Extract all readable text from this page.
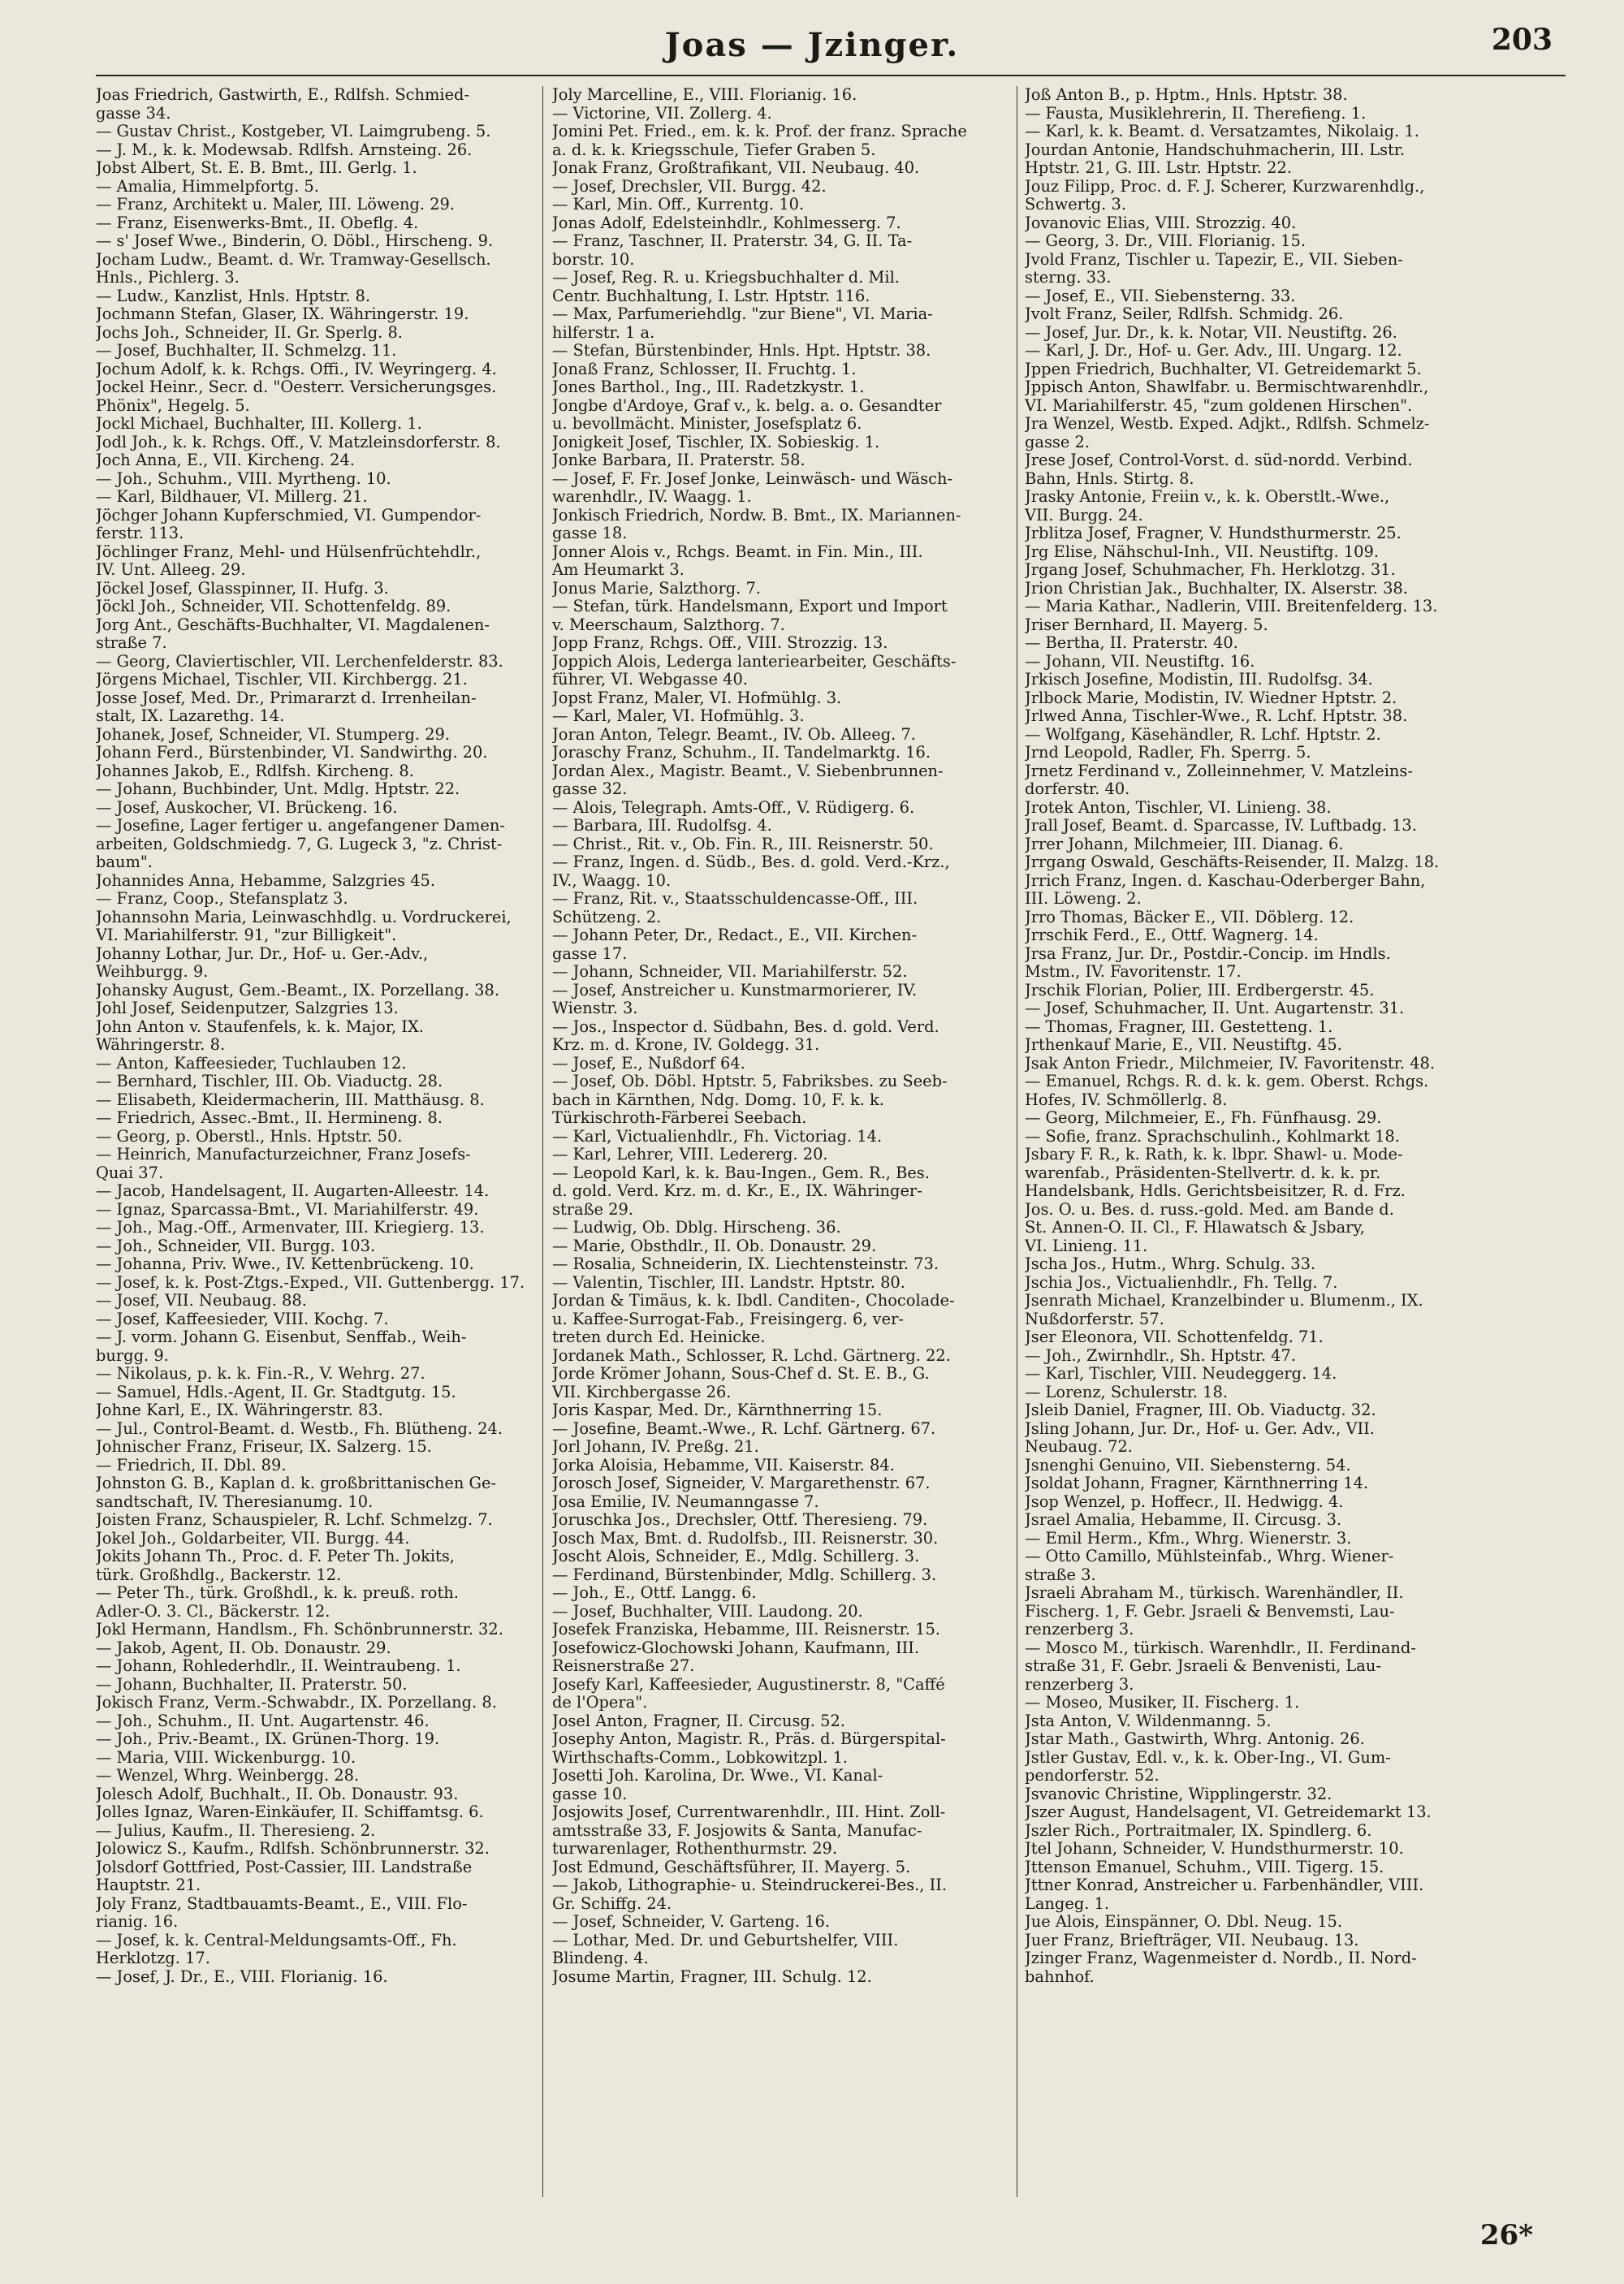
Joas — Jzinger.	203
Joas Friedrich, Gastwirth, E., Rdlfsh. Schmied-
gasse 34.
— Gustav Christ., Kostgeber, VI. Laimgrubeng. 5.
— J. M., k. k. Modewsab. Rdlfsh. Arnsteing. 26.
Jobst Albert, St. E. B. Bmt., III. Gerlg. 1.
— Amalia, Himmelpfortg. 5.
— Franz, Architekt u. Maler, III. Löweng. 29.
— Franz, Eisenwerks-Bmt., II. Obeflg. 4.
— s' Josef Wwe., Binderin, O. Döbl., Hirscheng. 9.
Jocham Ludw., Beamt. d. Wr. Tramway-Gesellsch.
Hnls., Pichlerg. 3.
— Ludw., Kanzlist, Hnls. Hptstr. 8.
Jochmann Stefan, Glaser, IX. Währingerstr. 19.
Jochs Joh., Schneider, II. Gr. Sperlg. 8.
— Josef, Buchhalter, II. Schmelzg. 11.
Jochum Adolf, k. k. Rchgs. Offi., IV. Weyringerg. 4.
Jockel Heinr., Secr. d. "Oesterr. Versicherungsges.
Phönix", Hegelg. 5.
Jockl Michael, Buchhalter, III. Kollerg. 1.
Jodl Joh., k. k. Rchgs. Off., V. Matzleinsdorferstr. 8.
Joch Anna, E., VII. Kircheng. 24.
— Joh., Schuhm., VIII. Myrtheng. 10.
— Karl, Bildhauer, VI. Millerg. 21.
Jöchger Johann Kupferschmied, VI. Gumpendor-
ferstr. 113.
Jöchlinger Franz, Mehl- und Hülsenfrüchtehdlr.,
IV. Unt. Alleeg. 29.
Jöckel Josef, Glasspinner, II. Hufg. 3.
Jöckl Joh., Schneider, VII. Schottenfeldg. 89.
Jorg Ant., Geschäfts-Buchhalter, VI. Magdalenen-
straße 7.
— Georg, Claviertischler, VII. Lerchenfelderstr. 83.
Jörgens Michael, Tischler, VII. Kirchbergg. 21.
Josse Josef, Med. Dr., Primararzt d. Irrenheilan-
stalt, IX. Lazarethg. 14.
Johanek, Josef, Schneider, VI. Stumperg. 29.
Johann Ferd., Bürstenbinder, VI. Sandwirthg. 20.
Johannes Jakob, E., Rdlfsh. Kircheng. 8.
— Johann, Buchbinder, Unt. Mdlg. Hptstr. 22.
— Josef, Auskocher, VI. Brückeng. 16.
— Josefine, Lager fertiger u. angefangener Damen-
arbeiten, Goldschmiedg. 7, G. Lugeck 3, "z. Christ-
baum".
Johannides Anna, Hebamme, Salzgries 45.
— Franz, Coop., Stefansplatz 3.
Johannsohn Maria, Leinwaschhdlg. u. Vordruckerei,
VI. Mariahilferstr. 91, "zur Billigkeit".
Johanny Lothar, Jur. Dr., Hof- u. Ger.-Adv.,
Weihburgg. 9.
Johansky August, Gem.-Beamt., IX. Porzellang. 38.
Johl Josef, Seidenputzer, Salzgries 13.
John Anton v. Staufenfels, k. k. Major, IX.
Währingerstr. 8.
— Anton, Kaffeesieder, Tuchlauben 12.
— Bernhard, Tischler, III. Ob. Viaductg. 28.
— Elisabeth, Kleidermacherin, III. Matthäusg. 8.
— Friedrich, Assec.-Bmt., II. Hermineng. 8.
— Georg, p. Oberstl., Hnls. Hptstr. 50.
— Heinrich, Manufacturzeichner, Franz Josefs-
Quai 37.
— Jacob, Handelsagent, II. Augarten-Alleestr. 14.
— Ignaz, Sparcassa-Bmt., VI. Mariahilferstr. 49.
— Joh., Mag.-Off., Armenvater, III. Kriegierg. 13.
— Joh., Schneider, VII. Burgg. 103.
— Johanna, Priv. Wwe., IV. Kettenbrückeng. 10.
— Josef, k. k. Post-Ztgs.-Exped., VII. Guttenbergg. 17.
— Josef, VII. Neubaug. 88.
— Josef, Kaffeesieder, VIII. Kochg. 7.
— J. vorm. Johann G. Eisenbut, Senffab., Weih-
burgg. 9.
— Nikolaus, p. k. k. Fin.-R., V. Wehrg. 27.
— Samuel, Hdls.-Agent, II. Gr. Stadtgutg. 15.
Johne Karl, E., IX. Währingerstr. 83.
— Jul., Control-Beamt. d. Westb., Fh. Blütheng. 24.
Johnischer Franz, Friseur, IX. Salzerg. 15.
— Friedrich, II. Dbl. 89.
Johnston G. B., Kaplan d. k. großbrittanischen Ge-
sandtschaft, IV. Theresianumg. 10.
Joisten Franz, Schauspieler, R. Lchf. Schmelzg. 7.
Jokel Joh., Goldarbeiter, VII. Burgg. 44.
Jokits Johann Th., Proc. d. F. Peter Th. Jokits,
türk. Großhdlg., Backerstr. 12.
— Peter Th., türk. Großhdl., k. k. preuß. roth.
Adler-O. 3. Cl., Bäckerstr. 12.
Jokl Hermann, Handlsm., Fh. Schönbrunnerstr. 32.
— Jakob, Agent, II. Ob. Donaustr. 29.
— Johann, Rohlederhdlr., II. Weintraubeng. 1.
— Johann, Buchhalter, II. Praterstr. 50.
Jokisch Franz, Verm.-Schwabdr., IX. Porzellang. 8.
— Joh., Schuhm., II. Unt. Augartenstr. 46.
— Joh., Priv.-Beamt., IX. Grünen-Thorg. 19.
— Maria, VIII. Wickenburgg. 10.
— Wenzel, Whrg. Weinbergg. 28.
Jolesch Adolf, Buchhalt., II. Ob. Donaustr. 93.
Jolles Ignaz, Waren-Einkäufer, II. Schiffamtsg. 6.
— Julius, Kaufm., II. Theresieng. 2.
Jolowicz S., Kaufm., Rdlfsh. Schönbrunnerstr. 32.
Jolsdorf Gottfried, Post-Cassier, III. Landstraße
Hauptstr. 21.
Joly Franz, Stadtbauamts-Beamt., E., VIII. Flo-
rianig. 16.
— Josef, k. k. Central-Meldungsamts-Off., Fh.
Herklotzg. 17.
— Josef, J. Dr., E., VIII. Florianig. 16.
Joly Marcelline, E., VIII. Florianig. 16.
— Victorine, VII. Zollerg. 4.
Jomini Pet. Fried., em. k. k. Prof. der franz. Sprache
a. d. k. k. Kriegsschule, Tiefer Graben 5.
Jonak Franz, Großtrafikant, VII. Neubaug. 40.
— Josef, Drechsler, VII. Burgg. 42.
— Karl, Min. Off., Kurrentg. 10.
Jonas Adolf, Edelsteinhdlr., Kohlmesserg. 7.
— Franz, Taschner, II. Praterstr. 34, G. II. Ta-
borstr. 10.
— Josef, Reg. R. u. Kriegsbuchhalter d. Mil.
Centr. Buchhaltung, I. Lstr. Hptstr. 116.
— Max, Parfumeriehdlg. "zur Biene", VI. Maria-
hilferstr. 1 a.
— Stefan, Bürstenbinder, Hnls. Hpt. Hptstr. 38.
Jonaß Franz, Schlosser, II. Fruchtg. 1.
Jones Barthol., Ing., III. Radetzkystr. 1.
Jongbe d'Ardoye, Graf v., k. belg. a. o. Gesandter
u. bevollmächt. Minister, Josefsplatz 6.
Jonigkeit Josef, Tischler, IX. Sobieskig. 1.
Jonke Barbara, II. Praterstr. 58.
— Josef, F. Fr. Josef Jonke, Leinwäsch- und Wäsch-
warenhdlr., IV. Waagg. 1.
Jonkisch Friedrich, Nordw. B. Bmt., IX. Mariannen-
gasse 18.
Jonner Alois v., Rchgs. Beamt. in Fin. Min., III.
Am Heumarkt 3.
Jonus Marie, Salzthorg. 7.
— Stefan, türk. Handelsmann, Export und Import
v. Meerschaum, Salzthorg. 7.
Jopp Franz, Rchgs. Off., VIII. Strozzig. 13.
Joppich Alois, Lederga lanteriearbeiter, Geschäfts-
führer, VI. Webgasse 40.
Jopst Franz, Maler, VI. Hofmühlg. 3.
— Karl, Maler, VI. Hofmühlg. 3.
Joran Anton, Telegr. Beamt., IV. Ob. Alleeg. 7.
Joraschy Franz, Schuhm., II. Tandelmarktg. 16.
Jordan Alex., Magistr. Beamt., V. Siebenbrunnen-
gasse 32.
— Alois, Telegraph. Amts-Off., V. Rüdigerg. 6.
— Barbara, III. Rudolfsg. 4.
— Christ., Rit. v., Ob. Fin. R., III. Reisnerstr. 50.
— Franz, Ingen. d. Südb., Bes. d. gold. Verd.-Krz.,
IV., Waagg. 10.
— Franz, Rit. v., Staatsschuldencasse-Off., III.
Schützeng. 2.
— Johann Peter, Dr., Redact., E., VII. Kirchen-
gasse 17.
— Johann, Schneider, VII. Mariahilferstr. 52.
— Josef, Anstreicher u. Kunstmarmorierer, IV.
Wienstr. 3.
— Jos., Inspector d. Südbahn, Bes. d. gold. Verd.
Krz. m. d. Krone, IV. Goldegg. 31.
— Josef, E., Nußdorf 64.
— Josef, Ob. Döbl. Hptstr. 5, Fabriksbes. zu Seeb-
bach in Kärnthen, Ndg. Domg. 10, F. k. k.
Türkischroth-Färberei Seebach.
— Karl, Victualienhdlr., Fh. Victoriag. 14.
— Karl, Lehrer, VIII. Ledererg. 20.
— Leopold Karl, k. k. Bau-Ingen., Gem. R., Bes.
d. gold. Verd. Krz. m. d. Kr., E., IX. Währinger-
straße 29.
— Ludwig, Ob. Dblg. Hirscheng. 36.
— Marie, Obsthdlr., II. Ob. Donaustr. 29.
— Rosalia, Schneiderin, IX. Liechtensteinstr. 73.
— Valentin, Tischler, III. Landstr. Hptstr. 80.
Jordan & Timäus, k. k. Ibdl. Canditen-, Chocolade-
u. Kaffee-Surrogat-Fab., Freisingerg. 6, ver-
treten durch Ed. Heinicke.
Jordanek Math., Schlosser, R. Lchd. Gärtnerg. 22.
Jorde Krömer Johann, Sous-Chef d. St. E. B., G.
VII. Kirchbergasse 26.
Joris Kaspar, Med. Dr., Kärnthnerring 15.
— Josefine, Beamt.-Wwe., R. Lchf. Gärtnerg. 67.
Jorl Johann, IV. Preßg. 21.
Jorka Aloisia, Hebamme, VII. Kaiserstr. 84.
Jorosch Josef, Signeider, V. Margarethenstr. 67.
Josa Emilie, IV. Neumanngasse 7.
Joruschka Jos., Drechsler, Ottf. Theresieng. 79.
Josch Max, Bmt. d. Rudolfsb., III. Reisnerstr. 30.
Joscht Alois, Schneider, E., Mdlg. Schillerg. 3.
— Ferdinand, Bürstenbinder, Mdlg. Schillerg. 3.
— Joh., E., Ottf. Langg. 6.
— Josef, Buchhalter, VIII. Laudong. 20.
Josefek Franziska, Hebamme, III. Reisnerstr. 15.
Josefowicz-Glochowski Johann, Kaufmann, III.
Reisnerstraße 27.
Josefy Karl, Kaffeesieder, Augustinerstr. 8, "Caffé
de l'Opera".
Josel Anton, Fragner, II. Circusg. 52.
Josephy Anton, Magistr. R., Präs. d. Bürgerspital-
Wirthschafts-Comm., Lobkowitzpl. 1.
Josetti Joh. Karolina, Dr. Wwe., VI. Kanal-
gasse 10.
Josjowits Josef, Currentwarenhdlr., III. Hint. Zoll-
amtsstraße 33, F. Josjowits & Santa, Manufac-
turwarenlager, Rothenthurmstr. 29.
Jost Edmund, Geschäftsführer, II. Mayerg. 5.
— Jakob, Lithographie- u. Steindruckerei-Bes., II.
Gr. Schiffg. 24.
— Josef, Schneider, V. Garteng. 16.
— Lothar, Med. Dr. und Geburtshelfer, VIII.
Blindeng. 4.
Josume Martin, Fragner, III. Schulg. 12.
Joß Anton B., p. Hptm., Hnls. Hptstr. 38.
— Fausta, Musiklehrerin, II. Therefieng. 1.
— Karl, k. k. Beamt. d. Versatzamtes, Nikolaig. 1.
Jourdan Antonie, Handschuhmacherin, III. Lstr.
Hptstr. 21, G. III. Lstr. Hptstr. 22.
Jouz Filipp, Proc. d. F. J. Scherer, Kurzwarenhdlg.,
Schwertg. 3.
Jovanovic Elias, VIII. Strozzig. 40.
— Georg, 3. Dr., VIII. Florianig. 15.
Jvold Franz, Tischler u. Tapezir, E., VII. Sieben-
sterng. 33.
— Josef, E., VII. Siebensterng. 33.
Jvolt Franz, Seiler, Rdlfsh. Schmidg. 26.
— Josef, Jur. Dr., k. k. Notar, VII. Neustiftg. 26.
— Karl, J. Dr., Hof- u. Ger. Adv., III. Ungarg. 12.
Jppen Friedrich, Buchhalter, VI. Getreidemarkt 5.
Jppisch Anton, Shawlfabr. u. Bermischtwarenhdlr.,
VI. Mariahilferstr. 45, "zum goldenen Hirschen".
Jra Wenzel, Westb. Exped. Adjkt., Rdlfsh. Schmelz-
gasse 2.
Jrese Josef, Control-Vorst. d. süd-nordd. Verbind.
Bahn, Hnls. Stirtg. 8.
Jrasky Antonie, Freiin v., k. k. Oberstlt.-Wwe.,
VII. Burgg. 24.
Jrblitza Josef, Fragner, V. Hundsthurmerstr. 25.
Jrg Elise, Nähschul-Inh., VII. Neustiftg. 109.
Jrgang Josef, Schuhmacher, Fh. Herklotzg. 31.
Jrion Christian Jak., Buchhalter, IX. Alserstr. 38.
— Maria Kathar., Nadlerin, VIII. Breitenfelderg. 13.
Jriser Bernhard, II. Mayerg. 5.
— Bertha, II. Praterstr. 40.
— Johann, VII. Neustiftg. 16.
Jrkisch Josefine, Modistin, III. Rudolfsg. 34.
Jrlbock Marie, Modistin, IV. Wiedner Hptstr. 2.
Jrlwed Anna, Tischler-Wwe., R. Lchf. Hptstr. 38.
— Wolfgang, Käsehändler, R. Lchf. Hptstr. 2.
Jrnd Leopold, Radler, Fh. Sperrg. 5.
Jrnetz Ferdinand v., Zolleinnehmer, V. Matzleins-
dorferstr. 40.
Jrotek Anton, Tischler, VI. Linieng. 38.
Jrall Josef, Beamt. d. Sparcasse, IV. Luftbadg. 13.
Jrrer Johann, Milchmeier, III. Dianag. 6.
Jrrgang Oswald, Geschäfts-Reisender, II. Malzg. 18.
Jrrich Franz, Ingen. d. Kaschau-Oderberger Bahn,
III. Löweng. 2.
Jrro Thomas, Bäcker E., VII. Döblerg. 12.
Jrrschik Ferd., E., Ottf. Wagnerg. 14.
Jrsa Franz, Jur. Dr., Postdir.-Concip. im Hndls.
Mstm., IV. Favoritenstr. 17.
Jrschik Florian, Polier, III. Erdbergerstr. 45.
— Josef, Schuhmacher, II. Unt. Augartenstr. 31.
— Thomas, Fragner, III. Gestetteng. 1.
Jrthenkauf Marie, E., VII. Neustiftg. 45.
Jsak Anton Friedr., Milchmeier, IV. Favoritenstr. 48.
— Emanuel, Rchgs. R. d. k. k. gem. Oberst. Rchgs.
Hofes, IV. Schmöllerlg. 8.
— Georg, Milchmeier, E., Fh. Fünfhausg. 29.
— Sofie, franz. Sprachschulinh., Kohlmarkt 18.
Jsbary F. R., k. Rath, k. k. lbpr. Shawl- u. Mode-
warenfab., Präsidenten-Stellvertr. d. k. k. pr.
Handelsbank, Hdls. Gerichtsbeisitzer, R. d. Frz.
Jos. O. u. Bes. d. russ.-gold. Med. am Bande d.
St. Annen-O. II. Cl., F. Hlawatsch & Jsbary,
VI. Linieng. 11.
Jscha Jos., Hutm., Whrg. Schulg. 33.
Jschia Jos., Victualienhdlr., Fh. Tellg. 7.
Jsenrath Michael, Kranzelbinder u. Blumenm., IX.
Nußdorferstr. 57.
Jser Eleonora, VII. Schottenfeldg. 71.
— Joh., Zwirnhdlr., Sh. Hptstr. 47.
— Karl, Tischler, VIII. Neudeggerg. 14.
— Lorenz, Schulerstr. 18.
Jsleib Daniel, Fragner, III. Ob. Viaductg. 32.
Jsling Johann, Jur. Dr., Hof- u. Ger. Adv., VII.
Neubaug. 72.
Jsnenghi Genuino, VII. Siebensterng. 54.
Jsoldat Johann, Fragner, Kärnthnerring 14.
Jsop Wenzel, p. Hoffecr., II. Hedwigg. 4.
Jsrael Amalia, Hebamme, II. Circusg. 3.
— Emil Herm., Kfm., Whrg. Wienerstr. 3.
— Otto Camillo, Mühlsteinfab., Whrg. Wiener-
straße 3.
Jsraeli Abraham M., türkisch. Warenhändler, II.
Fischerg. 1, F. Gebr. Jsraeli & Benvemsti, Lau-
renzerberg 3.
— Mosco M., türkisch. Warenhdlr., II. Ferdinand-
straße 31, F. Gebr. Jsraeli & Benvenisti, Lau-
renzerberg 3.
— Moseo, Musiker, II. Fischerg. 1.
Jsta Anton, V. Wildenmanng. 5.
Jstar Math., Gastwirth, Whrg. Antonig. 26.
Jstler Gustav, Edl. v., k. k. Ober-Ing., VI. Gum-
pendorferstr. 52.
Jsvanovic Christine, Wipplingerstr. 32.
Jszer August, Handelsagent, VI. Getreidemarkt 13.
Jszler Rich., Portraitmaler, IX. Spindlerg. 6.
Jtel Johann, Schneider, V. Hundsthurmerstr. 10.
Jttenson Emanuel, Schuhm., VIII. Tigerg. 15.
Jttner Konrad, Anstreicher u. Farbenhändler, VIII.
Langeg. 1.
Jue Alois, Einspänner, O. Dbl. Neug. 15.
Juer Franz, Briefträger, VII. Neubaug. 13.
Jzinger Franz, Wagenmeister d. Nordb., II. Nord-
bahnhof.
26*
